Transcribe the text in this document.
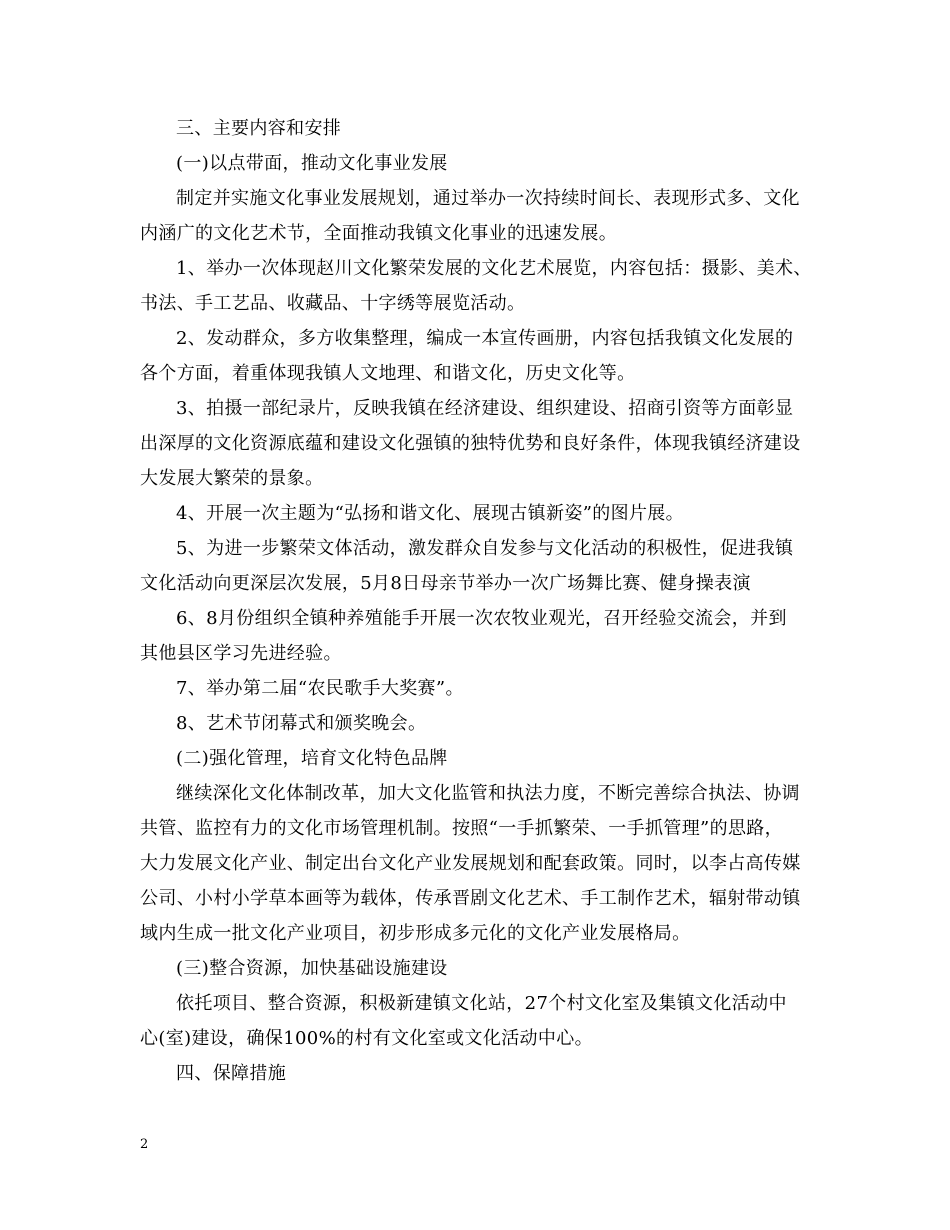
三、主要内容和安排
(一)以点带面，推动文化事业发展
制定并实施文化事业发展规划，通过举办一次持续时间长、表现形式多、文化
内涵广的文化艺术节，全面推动我镇文化事业的迅速发展。
1、举办一次体现赵川文化繁荣发展的文化艺术展览，内容包括：摄影、美术、
书法、手工艺品、收藏品、十字绣等展览活动。
2、发动群众，多方收集整理，编成一本宣传画册，内容包括我镇文化发展的
各个方面，着重体现我镇人文地理、和谐文化，历史文化等。
3、拍摄一部纪录片，反映我镇在经济建设、组织建设、招商引资等方面彰显
出深厚的文化资源底蕴和建设文化强镇的独特优势和良好条件，体现我镇经济建设
大发展大繁荣的景象。
4、开展一次主题为“弘扬和谐文化、展现古镇新姿”的图片展。
5、为进一步繁荣文体活动，激发群众自发参与文化活动的积极性，促进我镇
文化活动向更深层次发展，5月8日母亲节举办一次广场舞比赛、健身操表演
6、8月份组织全镇种养殖能手开展一次农牧业观光，召开经验交流会，并到
其他县区学习先进经验。
7、举办第二届“农民歌手大奖赛”。
8、艺术节闭幕式和颁奖晚会。
(二)强化管理，培育文化特色品牌
继续深化文化体制改革，加大文化监管和执法力度，不断完善综合执法、协调
共管、监控有力的文化市场管理机制。按照“一手抓繁荣、一手抓管理”的思路，
大力发展文化产业、制定出台文化产业发展规划和配套政策。同时，以李占高传媒
公司、小村小学草本画等为载体，传承晋剧文化艺术、手工制作艺术，辐射带动镇
域内生成一批文化产业项目，初步形成多元化的文化产业发展格局。
(三)整合资源，加快基础设施建设
依托项目、整合资源，积极新建镇文化站，27个村文化室及集镇文化活动中
心(室)建设，确保100%的村有文化室或文化活动中心。
四、保障措施
2
